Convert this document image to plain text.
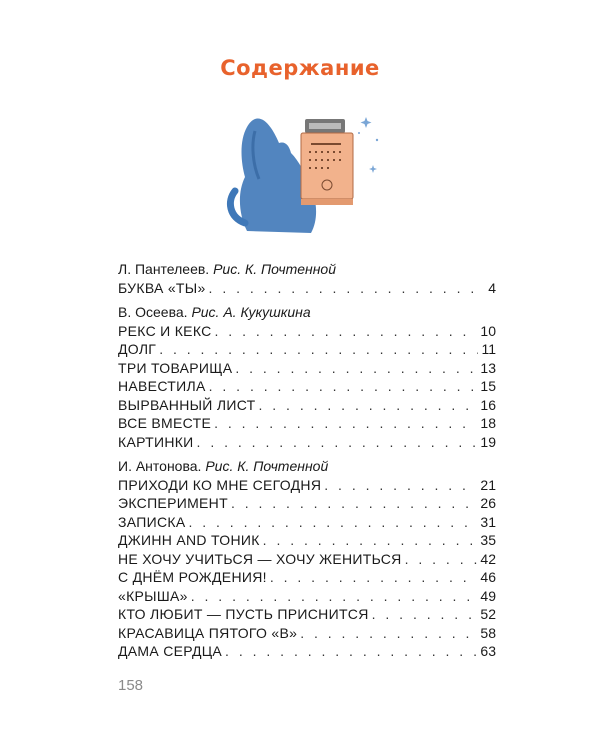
Содержание
Л. Пантелеев. Рис. К. Почтенной
БУКВА «ТЫ» . . .	4
В. Осеева. Рис. А. Кукушкина
РЕКС И КЕКС . . .	10
ДОЛГ . . .	11
ТРИ ТОВАРИЩА . . .	13
НАВЕСТИЛА . . .	15
ВЫРВАННЫЙ ЛИСТ . . .	16
ВСЕ ВМЕСТЕ . . .	18
КАРТИНКИ . . .	19
И. Антонова. Рис. К. Почтенной
ПРИХОДИ КО МНЕ СЕГОДНЯ . . .	21
ЭКСПЕРИМЕНТ . . .	26
ЗАПИСКА . . .	31
ДЖИНН AND ТОНИК . . .	35
НЕ ХОЧУ УЧИТЬСЯ — ХОЧУ ЖЕНИТЬСЯ . . .	42
С ДНЁМ РОЖДЕНИЯ! . . .	46
«КРЫША» . . .	49
КТО ЛЮБИТ — ПУСТЬ ПРИСНИТСЯ . . .	52
КРАСАВИЦА ПЯТОГО «В» . . .	58
ДАМА СЕРДЦА . . .	63
158
